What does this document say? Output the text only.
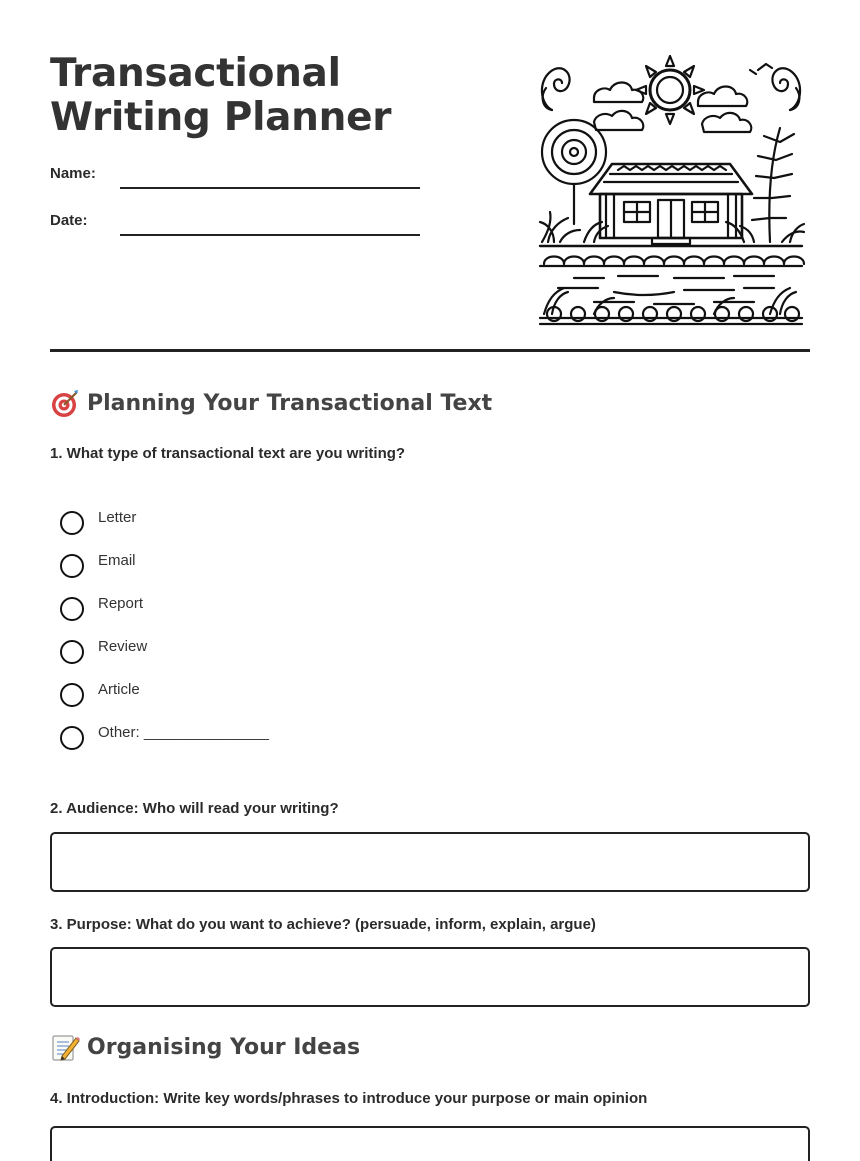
Transactional Writing Planner
Name:
Date:
Planning Your Transactional Text

1. What type of transactional text are you writing?

Letter
Email
Report
Review
Article
Other: _______________

2. Audience: Who will read your writing?

3. Purpose: What do you want to achieve? (persuade, inform, explain, argue)

Organising Your Ideas

4. Introduction: Write key words/phrases to introduce your purpose or main opinion
